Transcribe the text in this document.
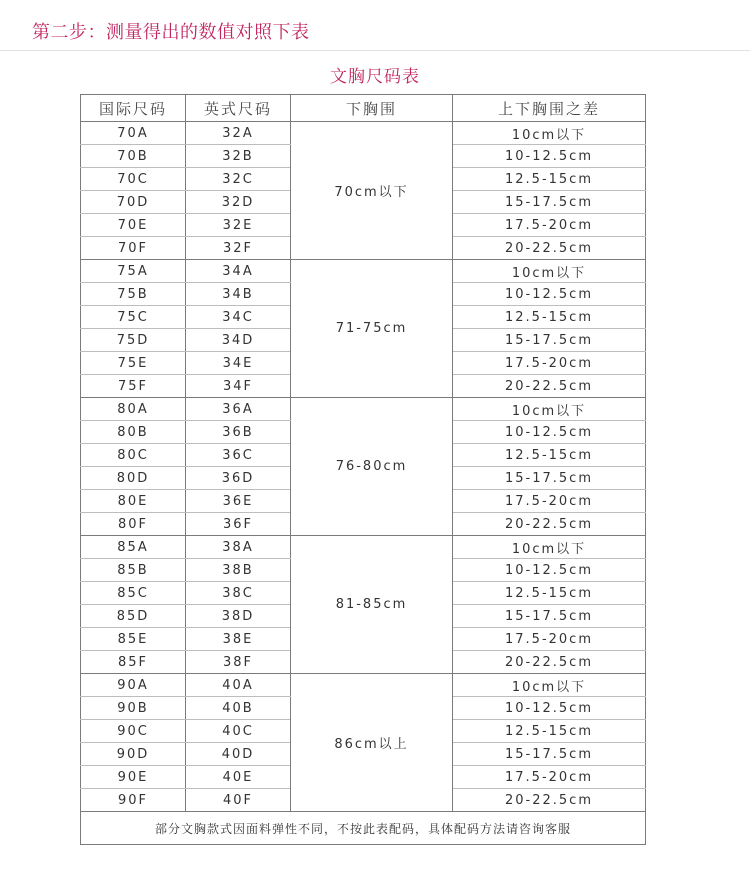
第二步：测量得出的数值对照下表
文胸尺码表
国际尺码	英式尺码	下胸围	上下胸围之差
70A	32A	70cm以下	10cm以下
70B	32B		10-12.5cm
70C	32C		12.5-15cm
70D	32D		15-17.5cm
70E	32E		17.5-20cm
70F	32F		20-22.5cm
75A	34A	71-75cm	10cm以下
75B	34B		10-12.5cm
75C	34C		12.5-15cm
75D	34D		15-17.5cm
75E	34E		17.5-20cm
75F	34F		20-22.5cm
80A	36A	76-80cm	10cm以下
80B	36B		10-12.5cm
80C	36C		12.5-15cm
80D	36D		15-17.5cm
80E	36E		17.5-20cm
80F	36F		20-22.5cm
85A	38A	81-85cm	10cm以下
85B	38B		10-12.5cm
85C	38C		12.5-15cm
85D	38D		15-17.5cm
85E	38E		17.5-20cm
85F	38F		20-22.5cm
90A	40A	86cm以上	10cm以下
90B	40B		10-12.5cm
90C	40C		12.5-15cm
90D	40D		15-17.5cm
90E	40E		17.5-20cm
90F	40F		20-22.5cm
部分文胸款式因面料弹性不同，不按此表配码，具体配码方法请咨询客服			
